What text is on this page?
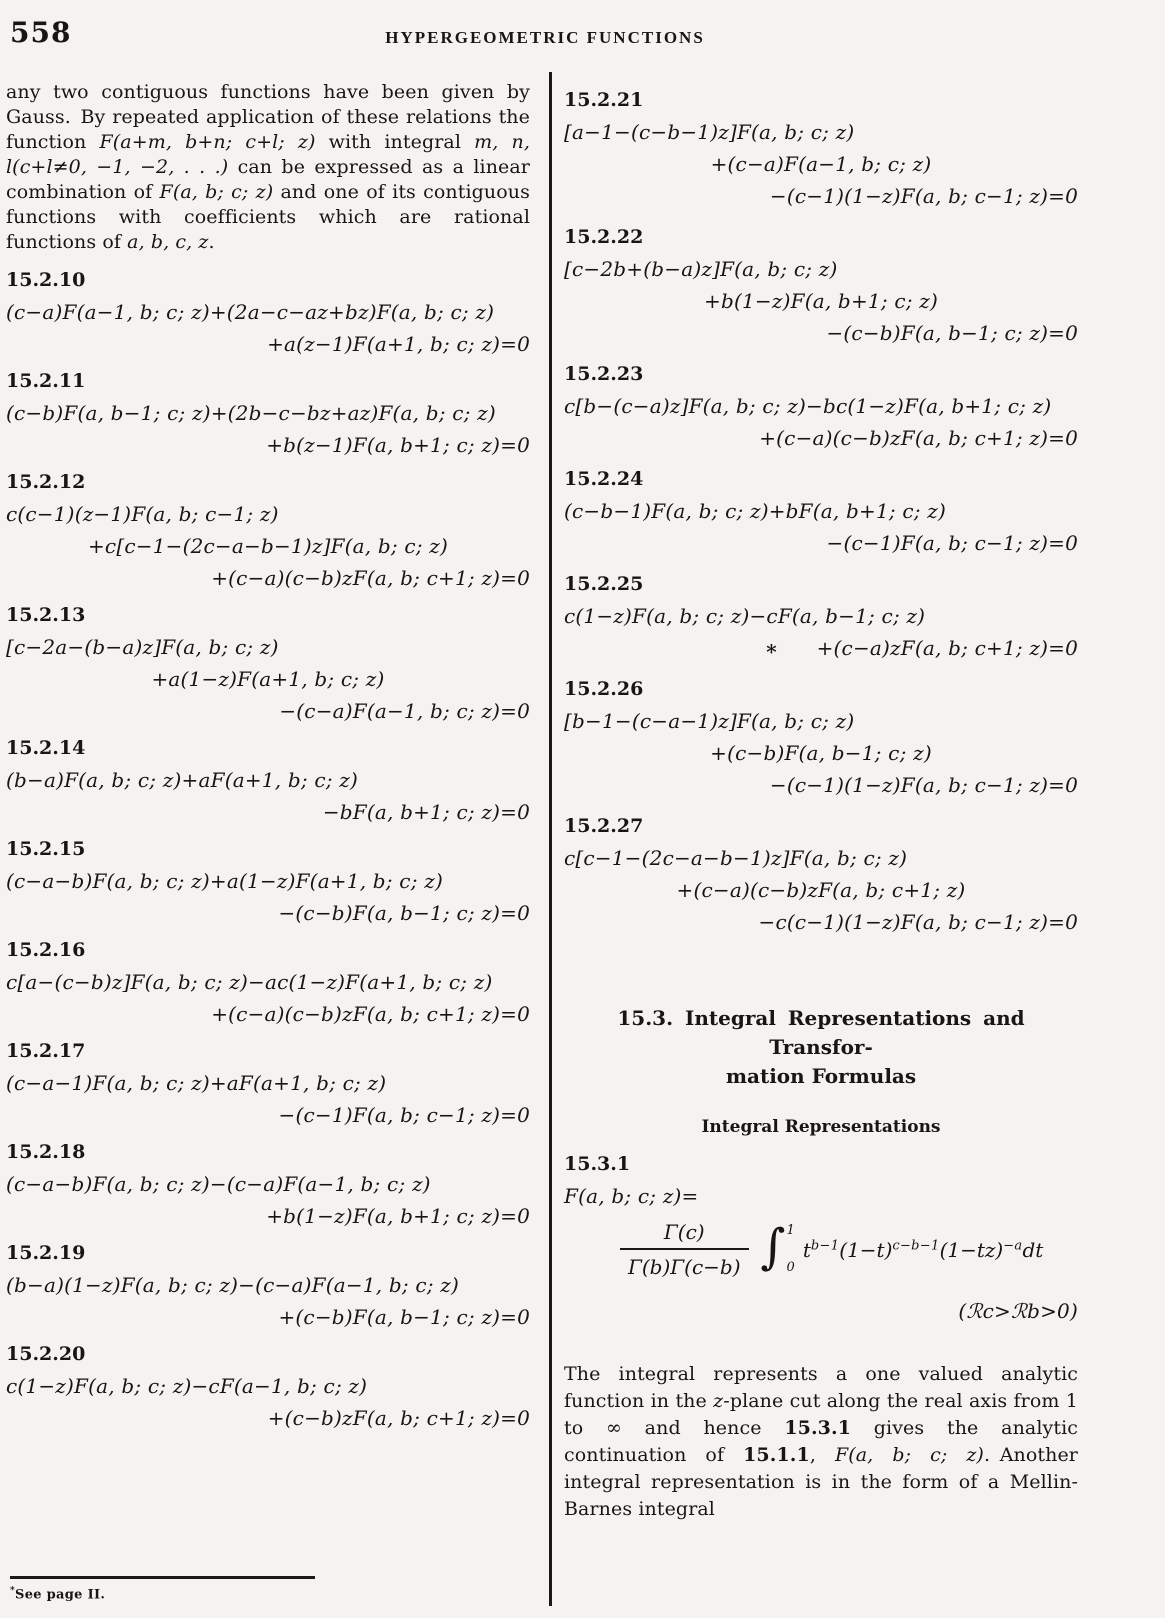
558	HYPERGEOMETRIC FUNCTIONS
any two contiguous functions have been given by Gauss. By repeated application of these relations the function F(a+m, b+n; c+l; z) with integral m, n, l(c+l≠0, −1, −2, . . .) can be expressed as a linear combination of F(a, b; c; z) and one of its contiguous functions with coefficients which are rational functions of a, b, c, z.
15.2.10
(c−a)F(a−1, b; c; z)+(2a−c−az+bz)F(a, b; c; z)
+a(z−1)F(a+1, b; c; z)=0
15.2.11
(c−b)F(a, b−1; c; z)+(2b−c−bz+az)F(a, b; c; z)
+b(z−1)F(a, b+1; c; z)=0
15.2.12
c(c−1)(z−1)F(a, b; c−1; z)
+c[c−1−(2c−a−b−1)z]F(a, b; c; z)
+(c−a)(c−b)zF(a, b; c+1; z)=0
15.2.13
[c−2a−(b−a)z]F(a, b; c; z)
+a(1−z)F(a+1, b; c; z)
−(c−a)F(a−1, b; c; z)=0
15.2.14
(b−a)F(a, b; c; z)+aF(a+1, b; c; z)
−bF(a, b+1; c; z)=0
15.2.15
(c−a−b)F(a, b; c; z)+a(1−z)F(a+1, b; c; z)
−(c−b)F(a, b−1; c; z)=0
15.2.16
c[a−(c−b)z]F(a, b; c; z)−ac(1−z)F(a+1, b; c; z)
+(c−a)(c−b)zF(a, b; c+1; z)=0
15.2.17
(c−a−1)F(a, b; c; z)+aF(a+1, b; c; z)
−(c−1)F(a, b; c−1; z)=0
15.2.18
(c−a−b)F(a, b; c; z)−(c−a)F(a−1, b; c; z)
+b(1−z)F(a, b+1; c; z)=0
15.2.19
(b−a)(1−z)F(a, b; c; z)−(c−a)F(a−1, b; c; z)
+(c−b)F(a, b−1; c; z)=0
15.2.20
c(1−z)F(a, b; c; z)−cF(a−1, b; c; z)
+(c−b)zF(a, b; c+1; z)=0
15.2.21
[a−1−(c−b−1)z]F(a, b; c; z)
+(c−a)F(a−1, b; c; z)
−(c−1)(1−z)F(a, b; c−1; z)=0
15.2.22
[c−2b+(b−a)z]F(a, b; c; z)
+b(1−z)F(a, b+1; c; z)
−(c−b)F(a, b−1; c; z)=0
15.2.23
c[b−(c−a)z]F(a, b; c; z)−bc(1−z)F(a, b+1; c; z)
+(c−a)(c−b)zF(a, b; c+1; z)=0
15.2.24
(c−b−1)F(a, b; c; z)+bF(a, b+1; c; z)
−(c−1)F(a, b; c−1; z)=0
15.2.25
c(1−z)F(a, b; c; z)−cF(a, b−1; c; z)
∗ +(c−a)zF(a, b; c+1; z)=0
15.2.26
[b−1−(c−a−1)z]F(a, b; c; z)
+(c−b)F(a, b−1; c; z)
−(c−1)(1−z)F(a, b; c−1; z)=0
15.2.27
c[c−1−(2c−a−b−1)z]F(a, b; c; z)
+(c−a)(c−b)zF(a, b; c+1; z)
−c(c−1)(1−z)F(a, b; c−1; z)=0
15.3. Integral Representations and Transfor-
mation Formulas
Integral Representations
15.3.1
F(a, b; c; z)=
$\frac{\Gamma(c)}{\Gamma(b)\Gamma(c-b)}$ ∫ 1
0
$t^{b-1}(1-t)^{c-b-1}(1-tz)^{-a}dt$
(ℛc>ℛb>0)
The integral represents a one valued analytic function in the z-plane cut along the real axis from 1 to ∞ and hence 15.3.1 gives the analytic continuation of 15.1.1, F(a, b; c; z). Another integral representation is in the form of a Mellin-Barnes integral
*See page II.
